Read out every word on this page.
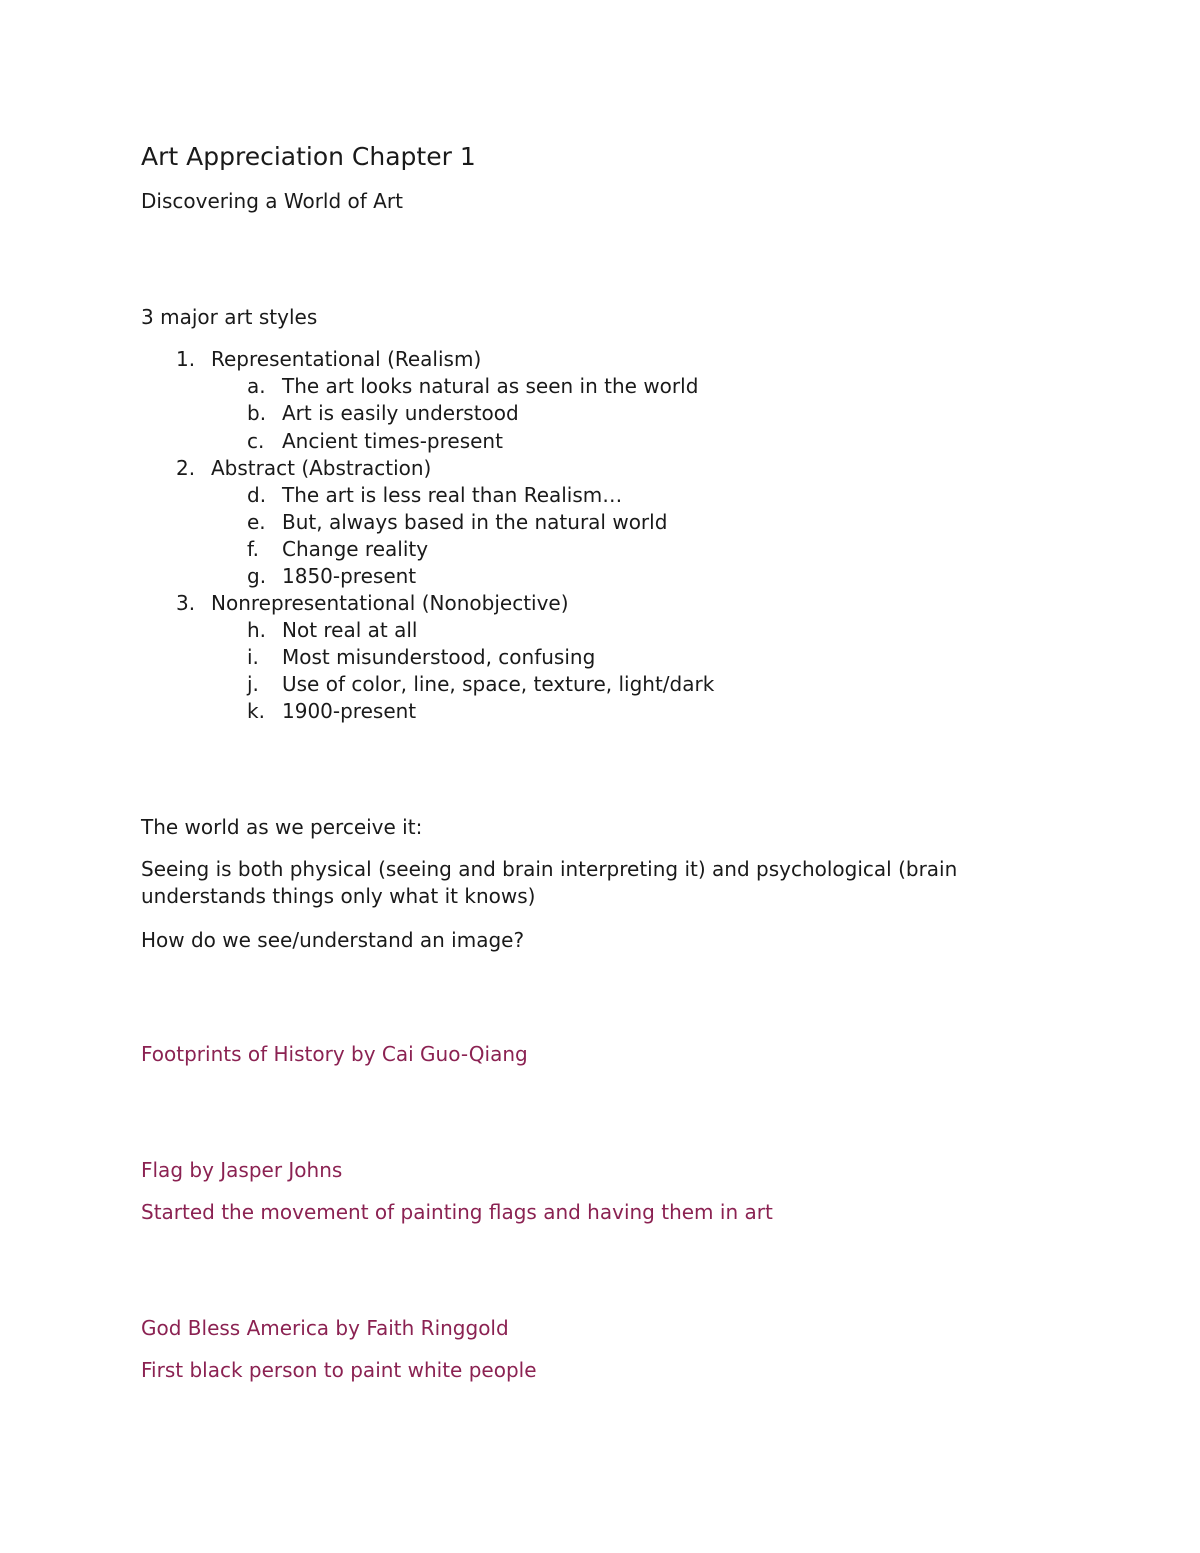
Art Appreciation Chapter 1
Discovering a World of Art
3 major art styles
1. Representational (Realism)
a. The art looks natural as seen in the world
b. Art is easily understood
c. Ancient times-present
2. Abstract (Abstraction)
d. The art is less real than Realism…
e. But, always based in the natural world
f. Change reality
g. 1850-present
3. Nonrepresentational (Nonobjective)
h. Not real at all
i. Most misunderstood, confusing
j. Use of color, line, space, texture, light/dark
k. 1900-present
The world as we perceive it:
Seeing is both physical (seeing and brain interpreting it) and psychological (brain
understands things only what it knows)
How do we see/understand an image?
Footprints of History by Cai Guo-Qiang
Flag by Jasper Johns
Started the movement of painting flags and having them in art
God Bless America by Faith Ringgold
First black person to paint white people
